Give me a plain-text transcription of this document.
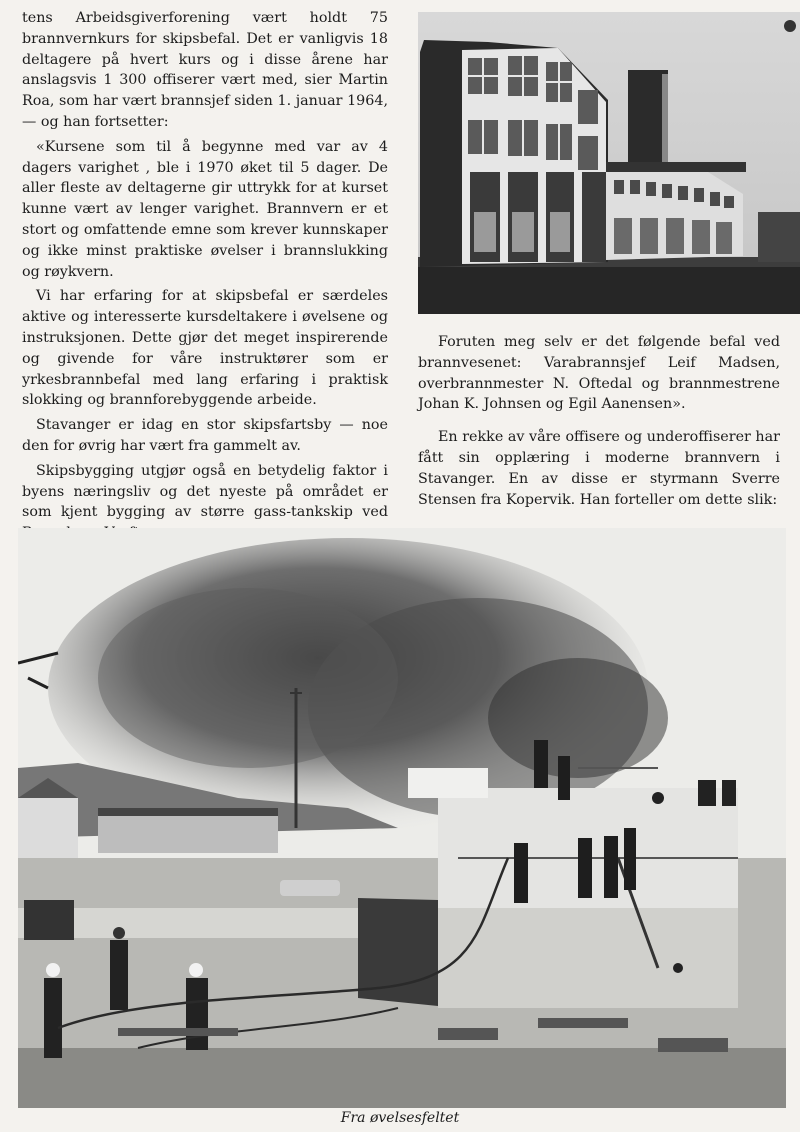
tens Arbeidsgiverforening vært holdt 75 brannvernkurs for skipsbefal. Det er vanligvis 18 deltagere på hvert kurs og i disse årene har anslagsvis 1 300 offiserer vært med, sier Martin Roa, som har vært brannsjef siden 1. januar 1964, — og han fortsetter:

«Kursene som til å begynne med var av 4 dagers varighet , ble i 1970 øket til 5 dager. De aller fleste av deltagerne gir uttrykk for at kurset kunne vært av lenger varighet. Brannvern er et stort og omfattende emne som krever kunnskaper og ikke minst praktiske øvelser i brannslukking og røykvern.

Vi har erfaring for at skipsbefal er særdeles aktive og interesserte kursdeltakere i øvelsene og instruksjonen. Dette gjør det meget inspirerende og givende for våre instruktører som er yrkesbrannbefal med lang erfaring i praktisk slokking og brannforebyggende arbeide.

Stavanger er idag en stor skipsfartsby — noe den for øvrig har vært fra gammelt av.

Skipsbygging utgjør også en betydelig faktor i byens næringsliv og det nyeste på området er som kjent bygging av større gass-tankskip ved

Foruten meg selv er det følgende befal ved brannvesenet: Varabrannsjef Leif Madsen, overbrannmester N. Oftedal og brannmestrene Johan K. Johnsen og Egil Aanensen».

En rekke av våre offisere og underoffiserer har fått sin opplæring i moderne brannvern i Stavanger. En av disse er styrmann Sverre Stensen fra Kopervik. Han forteller om dette slik:

Fra øvelsesfeltet
